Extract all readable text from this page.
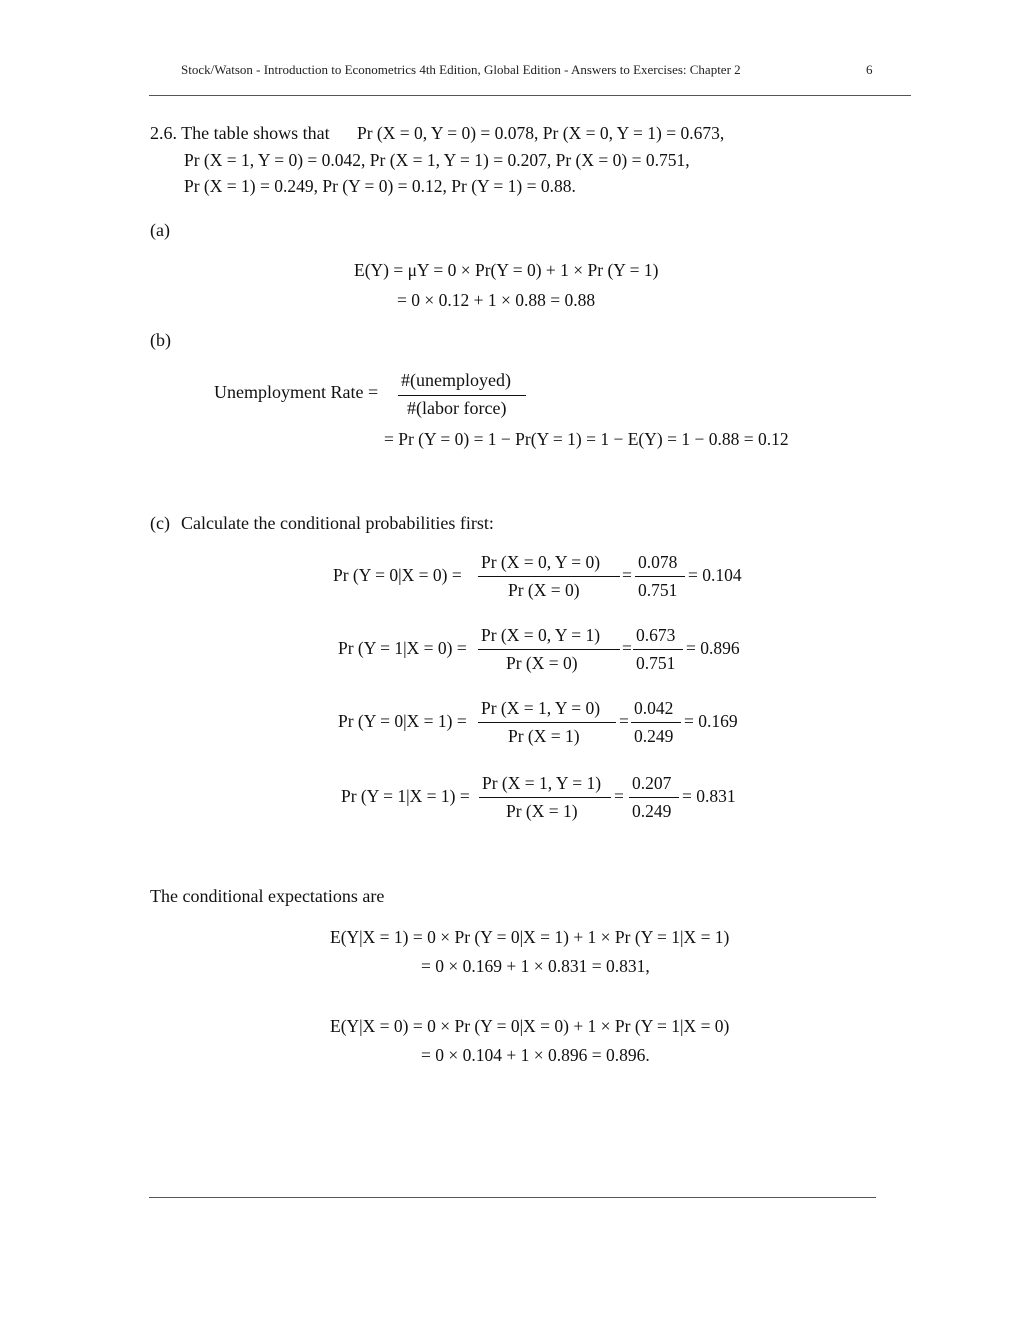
Stock/Watson - Introduction to Econometrics 4th Edition, Global Edition - Answers to Exercises: Chapter 2	6
2.6. The table shows that Pr (X = 0, Y = 0) = 0.078, Pr (X = 0, Y = 1) = 0.673,
Pr (X = 1, Y = 0) = 0.042, Pr (X = 1, Y = 1) = 0.207, Pr (X = 0) = 0.751,
Pr (X = 1) = 0.249, Pr (Y = 0) = 0.12, Pr (Y = 1) = 0.88.
(a)
E(Y) = μY = 0 × Pr(Y = 0) + 1 × Pr (Y = 1)
= 0 × 0.12 + 1 × 0.88 = 0.88
(b)
Unemployment Rate =
#(unemployed)
#(labor force)
= Pr (Y = 0) = 1 − Pr(Y = 1) = 1 − E(Y) = 1 − 0.88 = 0.12
(c) Calculate the conditional probabilities first:
Pr (Y = 0|X = 0) =
Pr (X = 0, Y = 0)
Pr (X = 0)
=
0.078
0.751
= 0.104
Pr (Y = 1|X = 0) =
Pr (X = 0, Y = 1)
Pr (X = 0)
=
0.673
0.751
= 0.896
Pr (Y = 0|X = 1) =
Pr (X = 1, Y = 0)
Pr (X = 1)
=
0.042
0.249
= 0.169
Pr (Y = 1|X = 1) =
Pr (X = 1, Y = 1)
Pr (X = 1)
=
0.207
0.249
= 0.831
The conditional expectations are
E(Y|X = 1) = 0 × Pr (Y = 0|X = 1) + 1 × Pr (Y = 1|X = 1)
= 0 × 0.169 + 1 × 0.831 = 0.831,
E(Y|X = 0) = 0 × Pr (Y = 0|X = 0) + 1 × Pr (Y = 1|X = 0)
= 0 × 0.104 + 1 × 0.896 = 0.896.
